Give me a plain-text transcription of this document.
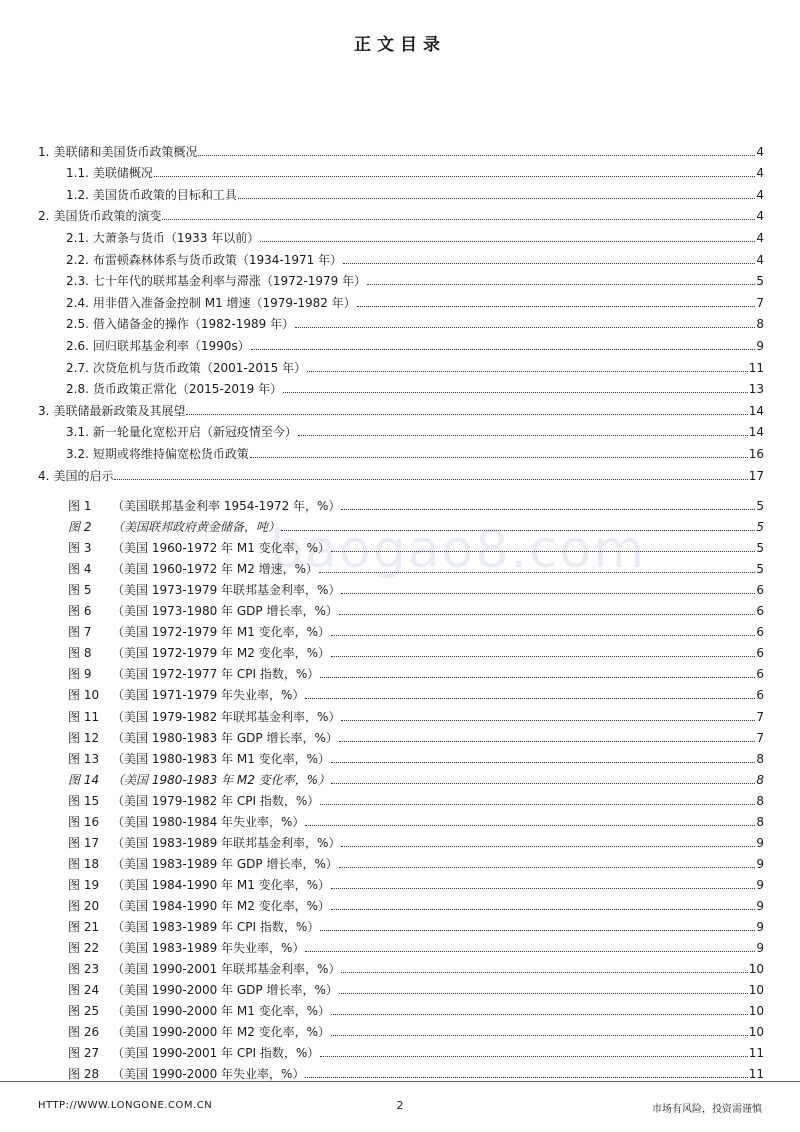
正文目录
1. 美联储和美国货币政策概况	4
1.1. 美联储概况	4
1.2. 美国货币政策的目标和工具	4
2. 美国货币政策的演变	4
2.1. 大萧条与货币（1933 年以前）	4
2.2. 布雷顿森林体系与货币政策（1934-1971 年）	4
2.3. 七十年代的联邦基金利率与滞涨（1972-1979 年）	5
2.4. 用非借入准备金控制 M1 增速（1979-1982 年）	7
2.5. 借入储备金的操作（1982-1989 年）	8
2.6. 回归联邦基金利率（1990s）	9
2.7. 次贷危机与货币政策（2001-2015 年）	11
2.8. 货币政策正常化（2015-2019 年）	13
3. 美联储最新政策及其展望	14
3.1. 新一轮量化宽松开启（新冠疫情至今）	14
3.2. 短期或将维持偏宽松货币政策	16
4. 美国的启示	17
baogao8.com
图 1	（美国联邦基金利率 1954-1972 年，%）	5
图 2	（美国联邦政府黄金储备，吨）	5
图 3	（美国 1960-1972 年 M1 变化率，%）	5
图 4	（美国 1960-1972 年 M2 增速，%）	5
图 5	（美国 1973-1979 年联邦基金利率，%）	6
图 6	（美国 1973-1980 年 GDP 增长率，%）	6
图 7	（美国 1972-1979 年 M1 变化率，%）	6
图 8	（美国 1972-1979 年 M2 变化率，%）	6
图 9	（美国 1972-1977 年 CPI 指数，%）	6
图 10	（美国 1971-1979 年失业率，%）	6
图 11	（美国 1979-1982 年联邦基金利率，%）	7
图 12	（美国 1980-1983 年 GDP 增长率，%）	7
图 13	（美国 1980-1983 年 M1 变化率，%）	8
图 14	（美国 1980-1983 年 M2 变化率，%）	8
图 15	（美国 1979-1982 年 CPI 指数，%）	8
图 16	（美国 1980-1984 年失业率，%）	8
图 17	（美国 1983-1989 年联邦基金利率，%）	9
图 18	（美国 1983-1989 年 GDP 增长率，%）	9
图 19	（美国 1984-1990 年 M1 变化率，%）	9
图 20	（美国 1984-1990 年 M2 变化率，%）	9
图 21	（美国 1983-1989 年 CPI 指数，%）	9
图 22	（美国 1983-1989 年失业率，%）	9
图 23	（美国 1990-2001 年联邦基金利率，%）	10
图 24	（美国 1990-2000 年 GDP 增长率，%）	10
图 25	（美国 1990-2000 年 M1 变化率，%）	10
图 26	（美国 1990-2000 年 M2 变化率，%）	10
图 27	（美国 1990-2001 年 CPI 指数，%）	11
图 28	（美国 1990-2000 年失业率，%）	11
HTTP://WWW.LONGONE.COM.CN	2	市场有风险，投资需谨慎
